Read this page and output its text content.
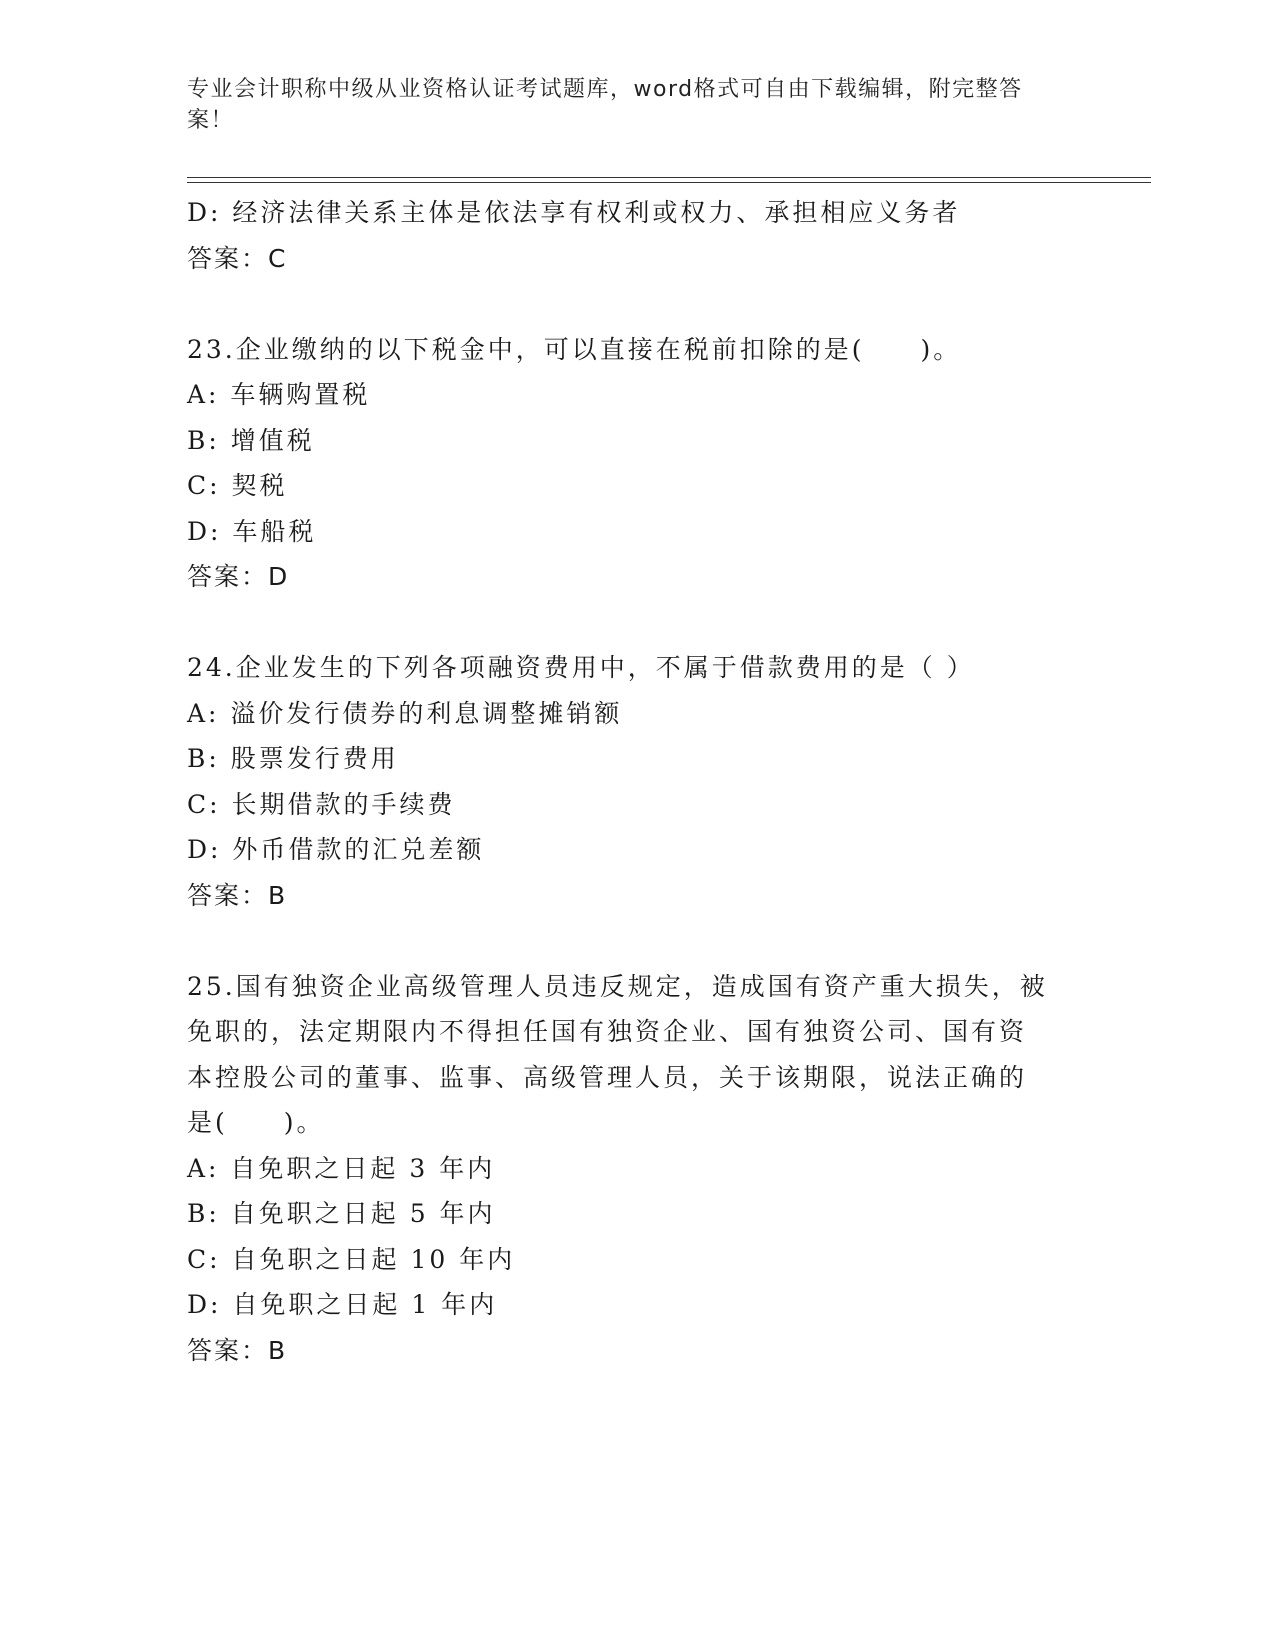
专业会计职称中级从业资格认证考试题库，word格式可自由下载编辑，附完整答案！
D: 经济法律关系主体是依法享有权利或权力、承担相应义务者
答案：C
23.企业缴纳的以下税金中，可以直接在税前扣除的是(　　)。
A: 车辆购置税
B: 增值税
C: 契税
D: 车船税
答案：D
24.企业发生的下列各项融资费用中，不属于借款费用的是（ ）
A: 溢价发行债券的利息调整摊销额
B: 股票发行费用
C: 长期借款的手续费
D: 外币借款的汇兑差额
答案：B
25.国有独资企业高级管理人员违反规定，造成国有资产重大损失，被
免职的，法定期限内不得担任国有独资企业、国有独资公司、国有资
本控股公司的董事、监事、高级管理人员，关于该期限，说法正确的
是(　　)。
A: 自免职之日起 3 年内
B: 自免职之日起 5 年内
C: 自免职之日起 10 年内
D: 自免职之日起 1 年内
答案：B
